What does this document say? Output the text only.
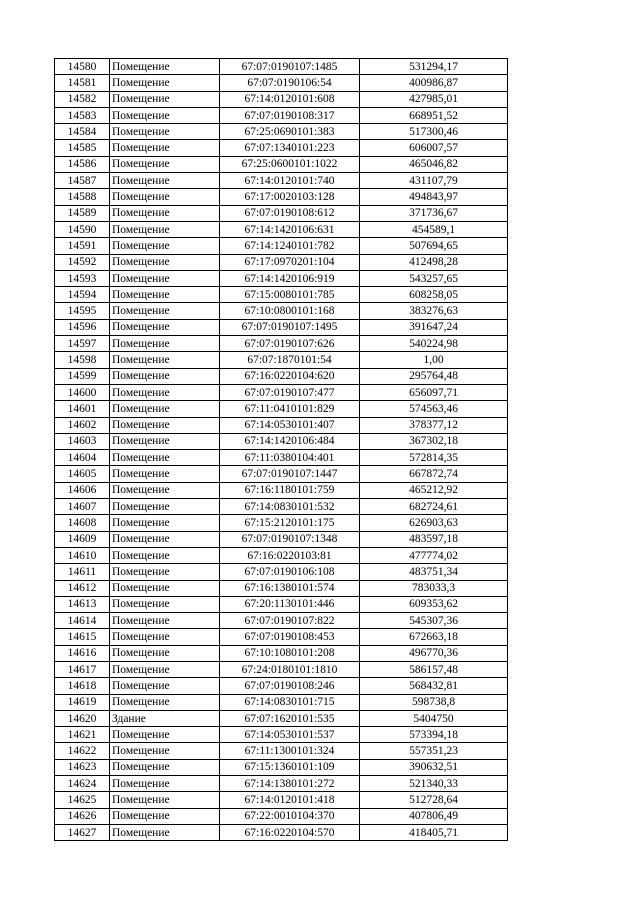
14580	Помещение	67:07:0190107:1485	531294,17
14581	Помещение	67:07:0190106:54	400986,87
14582	Помещение	67:14:0120101:608	427985,01
14583	Помещение	67:07:0190108:317	668951,52
14584	Помещение	67:25:0690101:383	517300,46
14585	Помещение	67:07:1340101:223	606007,57
14586	Помещение	67:25:0600101:1022	465046,82
14587	Помещение	67:14:0120101:740	431107,79
14588	Помещение	67:17:0020103:128	494843,97
14589	Помещение	67:07:0190108:612	371736,67
14590	Помещение	67:14:1420106:631	454589,1
14591	Помещение	67:14:1240101:782	507694,65
14592	Помещение	67:17:0970201:104	412498,28
14593	Помещение	67:14:1420106:919	543257,65
14594	Помещение	67:15:0080101:785	608258,05
14595	Помещение	67:10:0800101:168	383276,63
14596	Помещение	67:07:0190107:1495	391647,24
14597	Помещение	67:07:0190107:626	540224,98
14598	Помещение	67:07:1870101:54	1,00
14599	Помещение	67:16:0220104:620	295764,48
14600	Помещение	67:07:0190107:477	656097,71
14601	Помещение	67:11:0410101:829	574563,46
14602	Помещение	67:14:0530101:407	378377,12
14603	Помещение	67:14:1420106:484	367302,18
14604	Помещение	67:11:0380104:401	572814,35
14605	Помещение	67:07:0190107:1447	667872,74
14606	Помещение	67:16:1180101:759	465212,92
14607	Помещение	67:14:0830101:532	682724,61
14608	Помещение	67:15:2120101:175	626903,63
14609	Помещение	67:07:0190107:1348	483597,18
14610	Помещение	67:16:0220103:81	477774,02
14611	Помещение	67:07:0190106:108	483751,34
14612	Помещение	67:16:1380101:574	783033,3
14613	Помещение	67:20:1130101:446	609353,62
14614	Помещение	67:07:0190107:822	545307,36
14615	Помещение	67:07:0190108:453	672663,18
14616	Помещение	67:10:1080101:208	496770,36
14617	Помещение	67:24:0180101:1810	586157,48
14618	Помещение	67:07:0190108:246	568432,81
14619	Помещение	67:14:0830101:715	598738,8
14620	Здание	67:07:1620101:535	5404750
14621	Помещение	67:14:0530101:537	573394,18
14622	Помещение	67:11:1300101:324	557351,23
14623	Помещение	67:15:1360101:109	390632,51
14624	Помещение	67:14:1380101:272	521340,33
14625	Помещение	67:14:0120101:418	512728,64
14626	Помещение	67:22:0010104:370	407806,49
14627	Помещение	67:16:0220104:570	418405,71
